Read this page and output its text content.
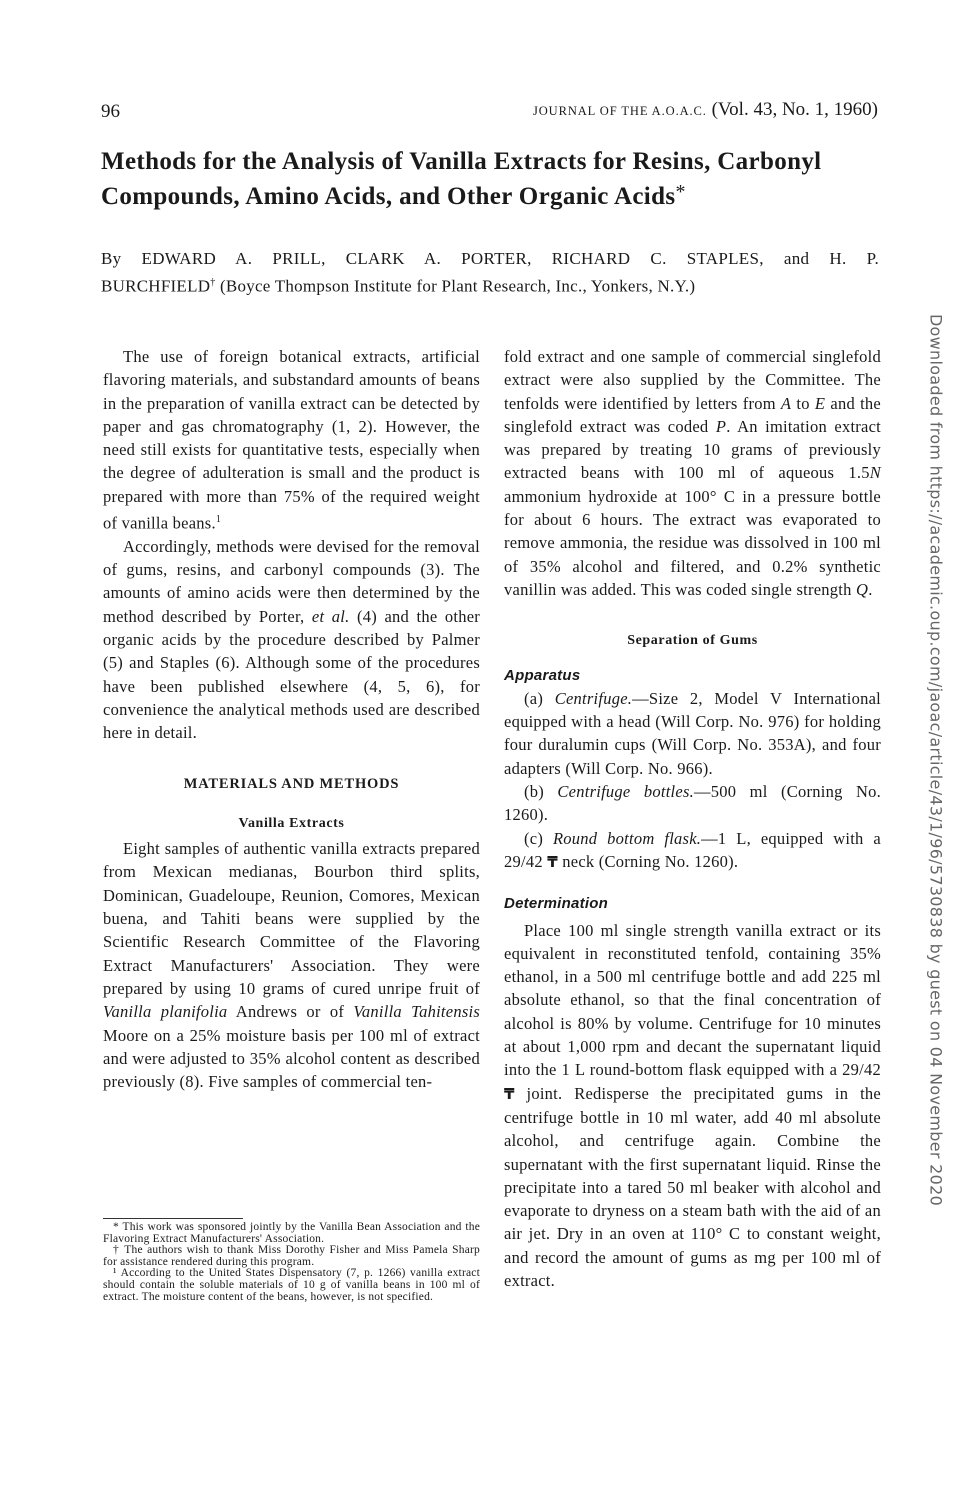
96	JOURNAL OF THE A.O.A.C. (Vol. 43, No. 1, 1960)
Methods for the Analysis of Vanilla Extracts for Resins, Carbonyl Compounds, Amino Acids, and Other Organic Acids*
By EDWARD A. PRILL, CLARK A. PORTER, RICHARD C. STAPLES, and H. P.
BURCHFIELD† (Boyce Thompson Institute for Plant Research, Inc., Yonkers, N.Y.)

The use of foreign botanical extracts, artificial flavoring materials, and substandard amounts of beans in the preparation of vanilla extract can be detected by paper and gas chromatography (1, 2). However, the need still exists for quantitative tests, especially when the degree of adulteration is small and the product is prepared with more than 75% of the required weight of vanilla beans.$^1$

Accordingly, methods were devised for the removal of gums, resins, and carbonyl compounds (3). The amounts of amino acids were then determined by the method described by Porter, et al. (4) and the other organic acids by the procedure described by Palmer (5) and Staples (6). Although some of the procedures have been published elsewhere (4, 5, 6), for convenience the analytical methods used are described here in detail.

MATERIALS AND METHODS
Vanilla Extracts

Eight samples of authentic vanilla extracts prepared from Mexican medianas, Bourbon third splits, Dominican, Guadeloupe, Reunion, Comores, Mexican buena, and Tahiti beans were supplied by the Scientific Research Committee of the Flavoring Extract Manufacturers' Association. They were prepared by using 10 grams of cured unripe fruit of Vanilla planifolia Andrews or of Vanilla Tahitensis Moore on a 25% moisture basis per 100 ml of extract and were adjusted to 35% alcohol content as described previously (8). Five samples of commercial ten-

* This work was sponsored jointly by the Vanilla Bean Association and the Flavoring Extract Manufacturers' Association.

† The authors wish to thank Miss Dorothy Fisher and Miss Pamela Sharp for assistance rendered during this program.

¹ According to the United States Dispensatory (7, p. 1266) vanilla extract should contain the soluble materials of 10 g of vanilla beans in 100 ml of extract. The moisture content of the beans, however, is not specified.

fold extract and one sample of commercial singlefold extract were also supplied by the Committee. The tenfolds were identified by letters from A to E and the singlefold extract was coded P. An imitation extract was prepared by treating 10 grams of previously extracted beans with 100 ml of aqueous 1.5N ammonium hydroxide at 100° C in a pressure bottle for about 6 hours. The extract was evaporated to remove ammonia, the residue was dissolved in 100 ml of 35% alcohol and filtered, and 0.2% synthetic vanillin was added. This was coded single strength Q.

Separation of Gums
Apparatus

(a) Centrifuge.—Size 2, Model V International equipped with a head (Will Corp. No. 976) for holding four duralumin cups (Will Corp. No. 353A), and four adapters (Will Corp. No. 966).

(b) Centrifuge bottles.—500 ml (Corning No. 1260).

(c) Round bottom flask.—1 L, equipped with a 29/42 ₸ neck (Corning No. 1260).

Determination

Place 100 ml single strength vanilla extract or its equivalent in reconstituted tenfold, containing 35% ethanol, in a 500 ml centrifuge bottle and add 225 ml absolute ethanol, so that the final concentration of alcohol is 80% by volume. Centrifuge for 10 minutes at about 1,000 rpm and decant the supernatant liquid into the 1 L round-bottom flask equipped with a 29/42 ₸ joint. Redisperse the precipitated gums in the centrifuge bottle in 10 ml water, add 40 ml absolute alcohol, and centrifuge again. Combine the supernatant with the first supernatant liquid. Rinse the precipitate into a tared 50 ml beaker with alcohol and evaporate to dryness on a steam bath with the aid of an air jet. Dry in an oven at 110° C to constant weight, and record the amount of gums as mg per 100 ml of extract.

Downloaded from https://academic.oup.com/jaoac/article/43/1/96/5730838 by guest on 04 November 2020
